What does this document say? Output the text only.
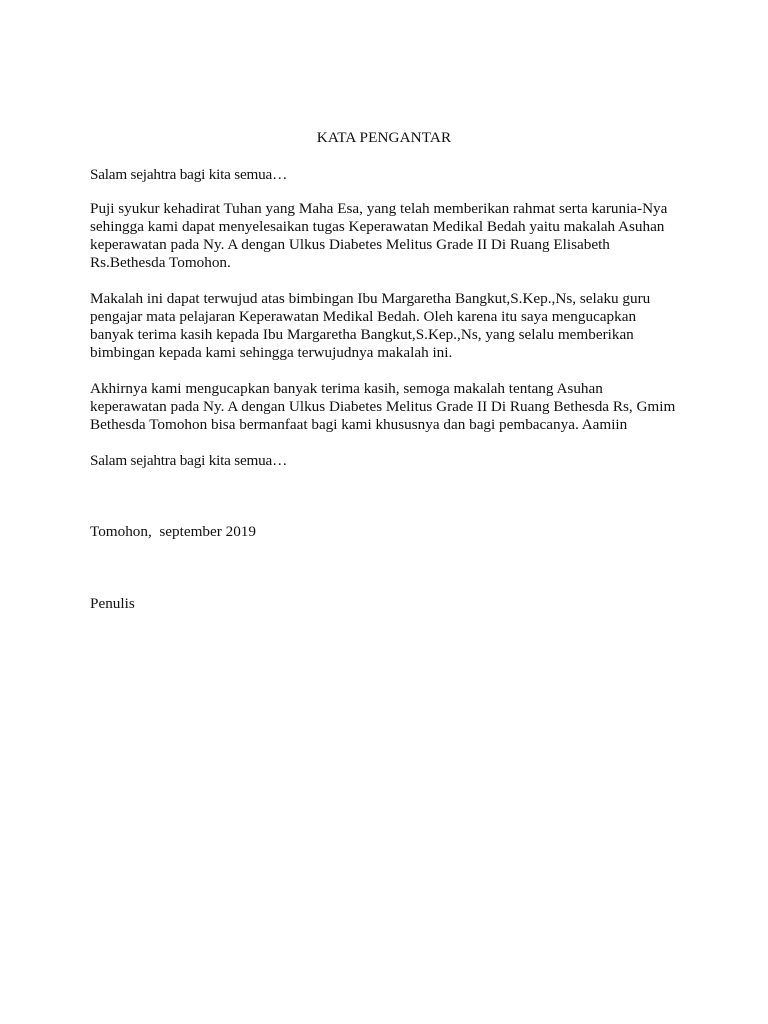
KATA PENGANTAR
Salam sejahtra bagi kita semua…
Puji syukur kehadirat Tuhan yang Maha Esa, yang telah memberikan rahmat serta karunia-Nya
sehingga kami dapat menyelesaikan tugas Keperawatan Medikal Bedah yaitu makalah Asuhan
keperawatan pada Ny. A dengan Ulkus Diabetes Melitus Grade II Di Ruang Elisabeth
Rs.Bethesda Tomohon.
Makalah ini dapat terwujud atas bimbingan Ibu Margaretha Bangkut,S.Kep.,Ns, selaku guru
pengajar mata pelajaran Keperawatan Medikal Bedah. Oleh karena itu saya mengucapkan
banyak terima kasih kepada Ibu Margaretha Bangkut,S.Kep.,Ns, yang selalu memberikan
bimbingan kepada kami sehingga terwujudnya makalah ini.
Akhirnya kami mengucapkan banyak terima kasih, semoga makalah tentang Asuhan
keperawatan pada Ny. A dengan Ulkus Diabetes Melitus Grade II Di Ruang Bethesda Rs, Gmim
Bethesda Tomohon bisa bermanfaat bagi kami khususnya dan bagi pembacanya. Aamiin
Salam sejahtra bagi kita semua…
Tomohon,  september 2019
Penulis
